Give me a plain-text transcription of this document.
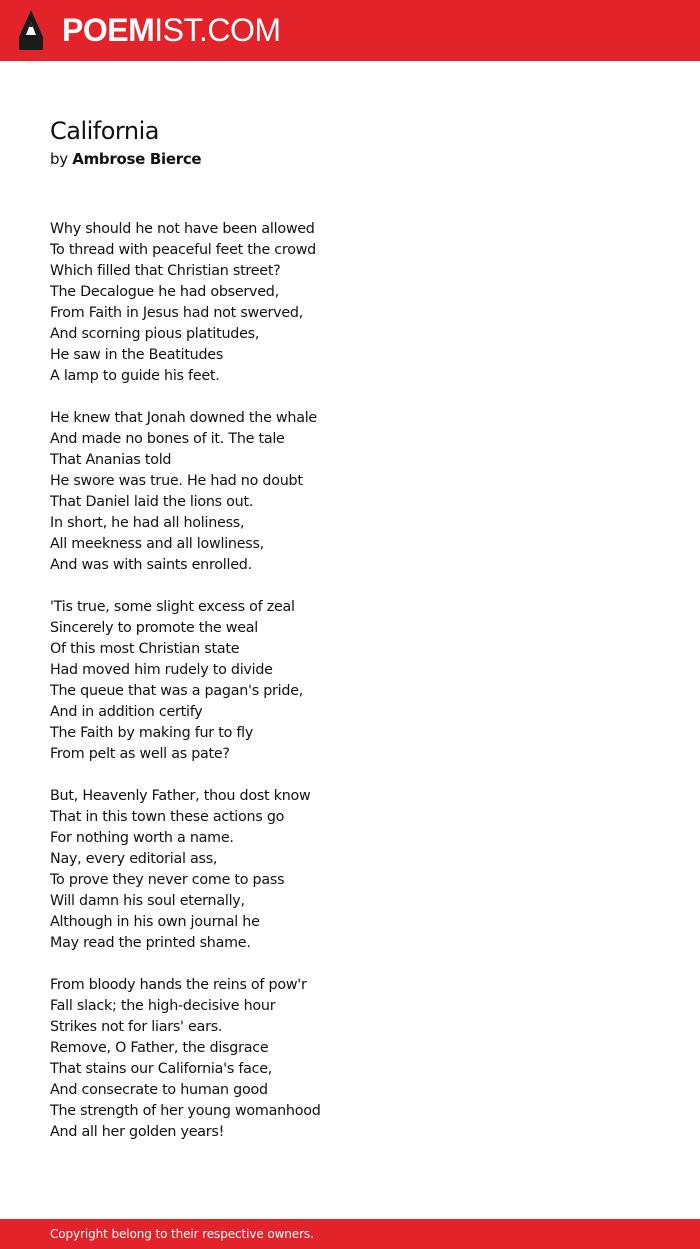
POEMIST.COM
California
by Ambrose Bierce
Why should he not have been allowed
To thread with peaceful feet the crowd
Which filled that Christian street?
The Decalogue he had observed,
From Faith in Jesus had not swerved,
And scorning pious platitudes,
He saw in the Beatitudes
A lamp to guide his feet.
He knew that Jonah downed the whale
And made no bones of it. The tale
That Ananias told
He swore was true. He had no doubt
That Daniel laid the lions out.
In short, he had all holiness,
All meekness and all lowliness,
And was with saints enrolled.
'Tis true, some slight excess of zeal
Sincerely to promote the weal
Of this most Christian state
Had moved him rudely to divide
The queue that was a pagan's pride,
And in addition certify
The Faith by making fur to fly
From pelt as well as pate?
But, Heavenly Father, thou dost know
That in this town these actions go
For nothing worth a name.
Nay, every editorial ass,
To prove they never come to pass
Will damn his soul eternally,
Although in his own journal he
May read the printed shame.
From bloody hands the reins of pow'r
Fall slack; the high-decisive hour
Strikes not for liars' ears.
Remove, O Father, the disgrace
That stains our California's face,
And consecrate to human good
The strength of her young womanhood
And all her golden years!
Copyright belong to their respective owners.
